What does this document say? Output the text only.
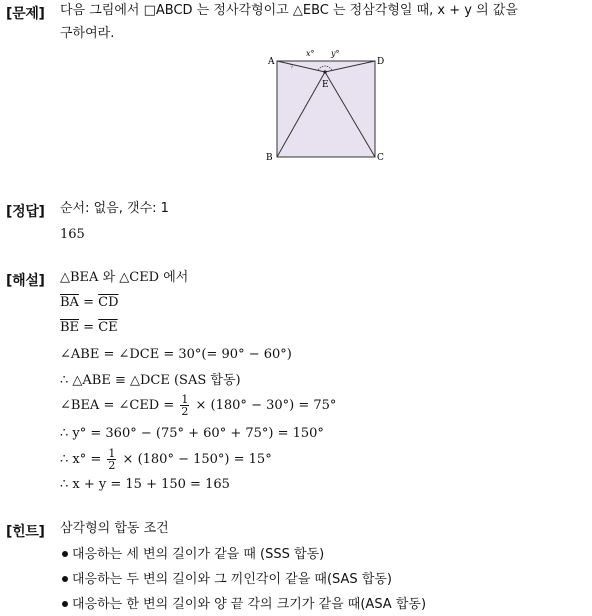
[문제] 다음 그림에서 □ABCD 는 정사각형이고 △EBC 는 정삼각형일 때, x + y 의 값을
구하여라.
A	D
B	C
E
x° y°
[정답] 순서: 없음, 갯수: 1
165
[해설] △BEA 와 △CED 에서
$\overline{BA} = \overline{CD}$
$\overline{BE} = \overline{CE}$
∠ABE = ∠DCE = 30°(= 90° − 60°)
∴ △ABE ≡ △DCE (SAS 합동)
∠BEA = ∠CED = $\frac{1}{2} \times (180^\circ - 30^\circ) = 75^\circ$
∴ y° = 360° − (75° + 60° + 75°) = 150°
∴ $x^\circ = \frac{1}{2} \times (180^\circ - 150^\circ) = 15^\circ$
∴ x + y = 15 + 150 = 165
[힌트] 삼각형의 합동 조건
대응하는 세 변의 길이가 같을 때 (SSS 합동)
대응하는 두 변의 길이와 그 끼인각이 같을 때(SAS 합동)
대응하는 한 변의 길이와 양 끝 각의 크기가 같을 때(ASA 합동)
